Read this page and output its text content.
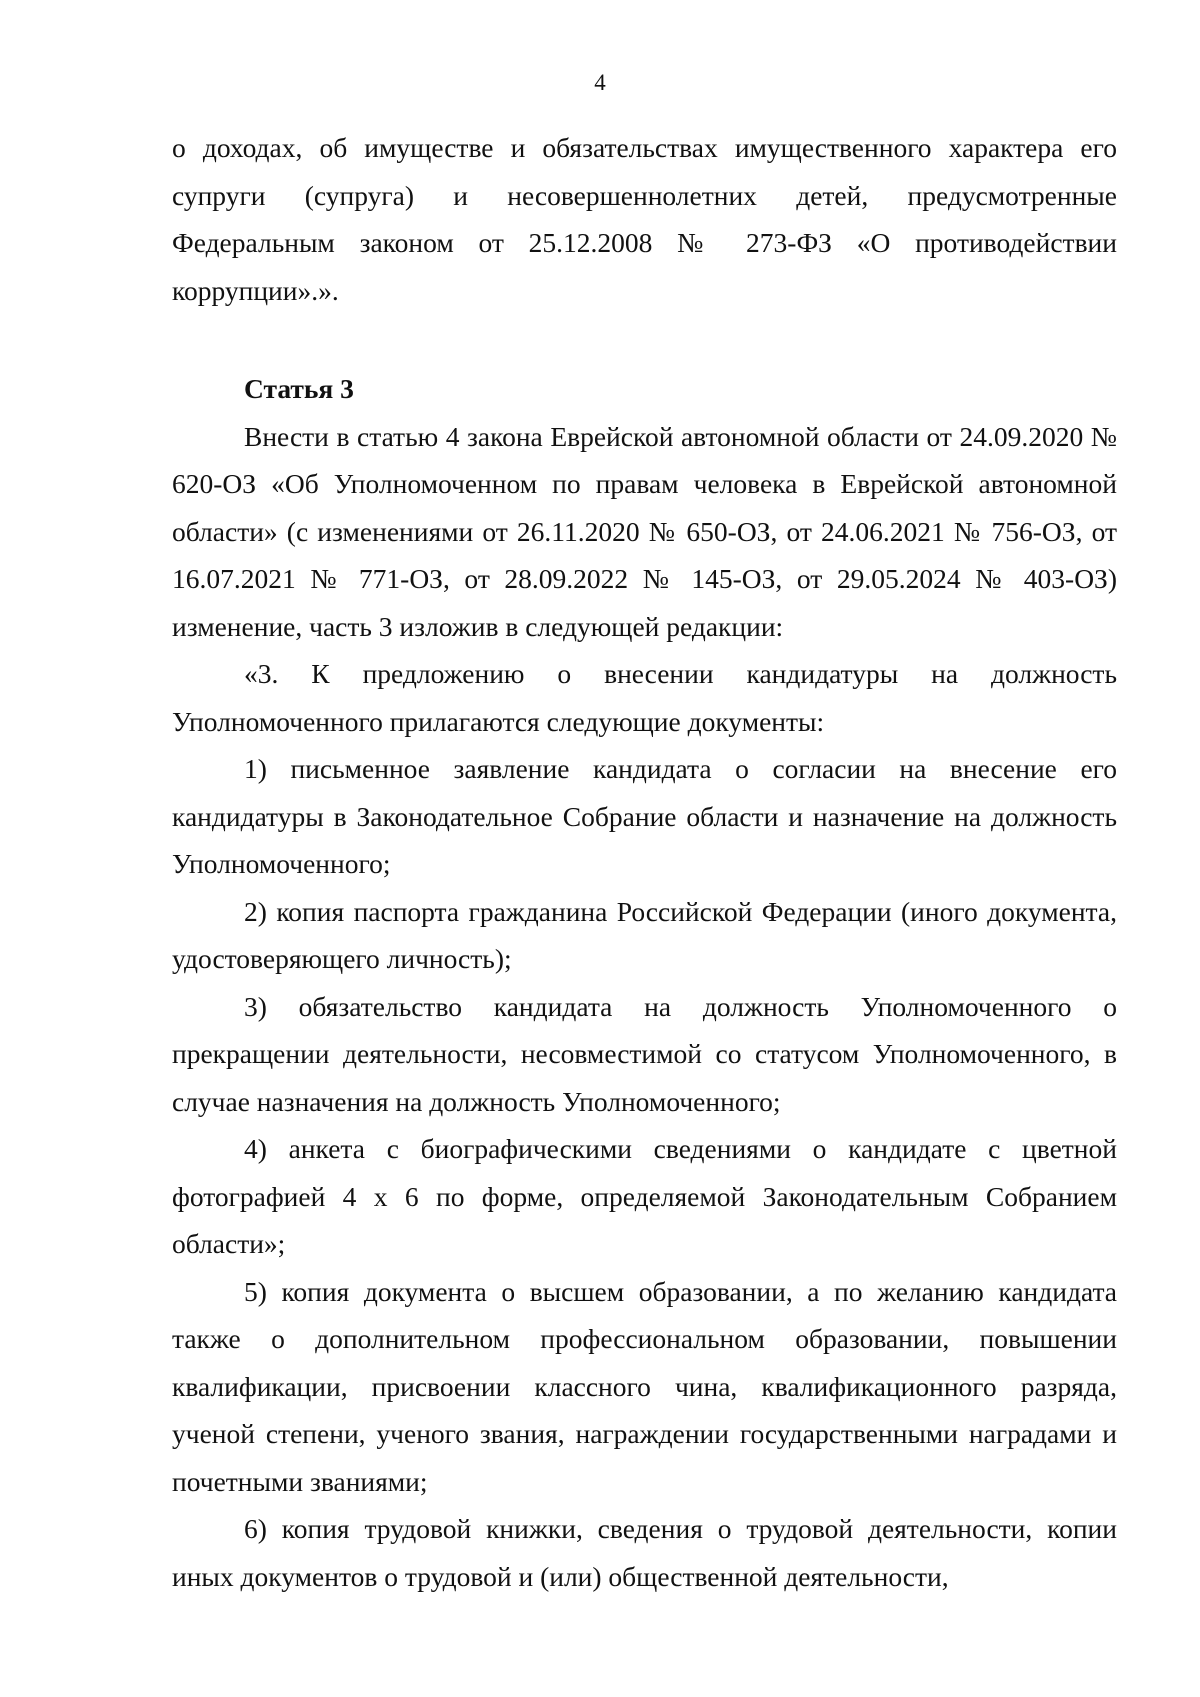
4

о доходах, об имуществе и обязательствах имущественного характера его супруги (супруга) и несовершеннолетних детей, предусмотренные Федеральным законом от 25.12.2008 № 273-ФЗ «О противодействии коррупции».».

Статья 3

Внести в статью 4 закона Еврейской автономной области от 24.09.2020 № 620-ОЗ «Об Уполномоченном по правам человека в Еврейской автономной области» (с изменениями от 26.11.2020 № 650-ОЗ, от 24.06.2021 № 756-ОЗ, от 16.07.2021 № 771-ОЗ, от 28.09.2022 № 145-ОЗ, от 29.05.2024 № 403-ОЗ) изменение, часть 3 изложив в следующей редакции:

«3. К предложению о внесении кандидатуры на должность Уполномоченного прилагаются следующие документы:

1) письменное заявление кандидата о согласии на внесение его кандидатуры в Законодательное Собрание области и назначение на должность Уполномоченного;

2) копия паспорта гражданина Российской Федерации (иного документа, удостоверяющего личность);

3) обязательство кандидата на должность Уполномоченного о прекращении деятельности, несовместимой со статусом Уполномоченного, в случае назначения на должность Уполномоченного;

4) анкета с биографическими сведениями о кандидате с цветной фотографией 4 х 6 по форме, определяемой Законодательным Собранием области»;

5) копия документа о высшем образовании, а по желанию кандидата также о дополнительном профессиональном образовании, повышении квалификации, присвоении классного чина, квалификационного разряда, ученой степени, ученого звания, награждении государственными наградами и почетными званиями;

6) копия трудовой книжки, сведения о трудовой деятельности, копии иных документов о трудовой и (или) общественной деятельности,
